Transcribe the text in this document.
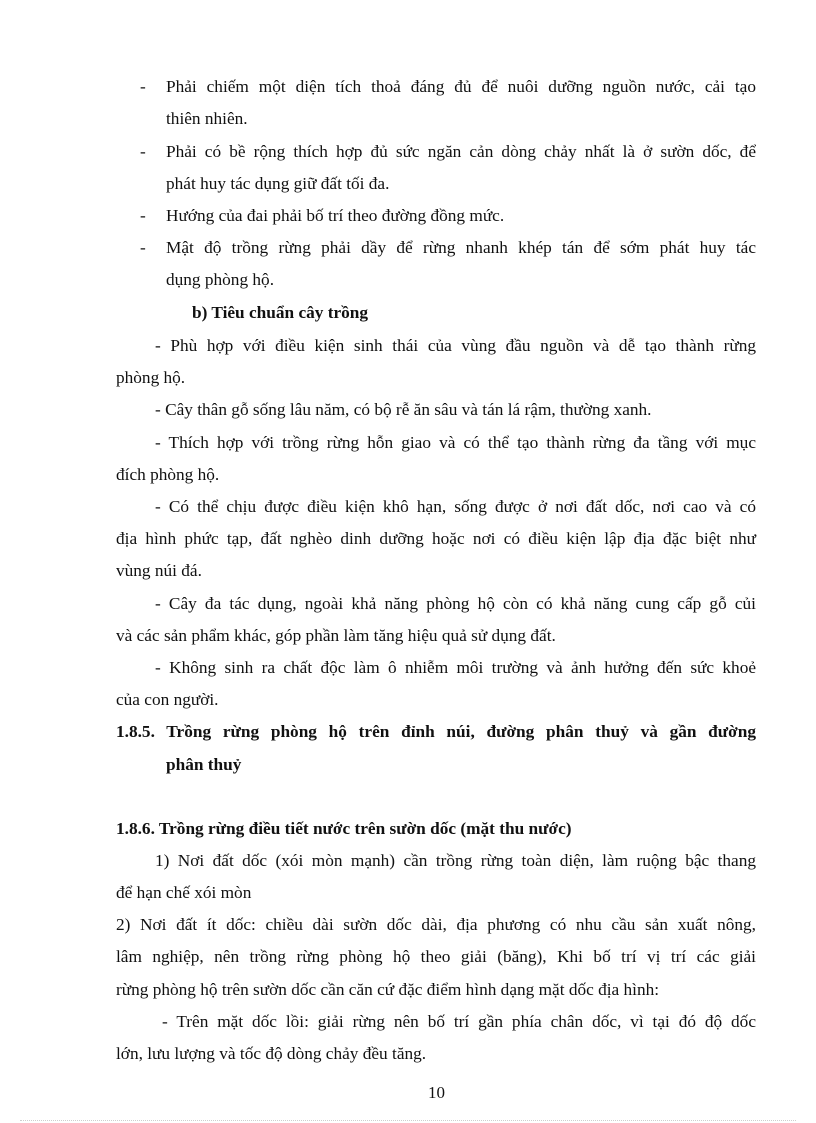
- Phải chiếm một diện tích thoả đáng đủ để nuôi dưỡng nguồn nước, cải tạo
thiên nhiên.
- Phải có bề rộng thích hợp đủ sức ngăn cản dòng chảy nhất là ở sườn dốc, để
phát huy tác dụng giữ đất tối đa.
- Hướng của đai phải bố trí theo đường đồng mức.
- Mật độ trồng rừng phải dầy để rừng nhanh khép tán để sớm phát huy tác
dụng phòng hộ.
b) Tiêu chuẩn cây trồng
- Phù hợp với điều kiện sinh thái của vùng đầu nguồn và dễ tạo thành rừng
phòng hộ.
- Cây thân gỗ sống lâu năm, có bộ rễ ăn sâu và tán lá rậm, thường xanh.
- Thích hợp với trồng rừng hỗn giao và có thể tạo thành rừng đa tầng với mục
đích phòng hộ.
- Có thể chịu được điều kiện khô hạn, sống được ở nơi đất dốc, nơi cao và có
địa hình phức tạp, đất nghèo dinh dưỡng hoặc nơi có điều kiện lập địa đặc biệt như
vùng núi đá.
- Cây đa tác dụng, ngoài khả năng phòng hộ còn có khả năng cung cấp gỗ củi
và các sản phẩm khác, góp phần làm tăng hiệu quả sử dụng đất.
- Không sinh ra chất độc làm ô nhiễm môi trường và ảnh hưởng đến sức khoẻ
của con người.
1.8.5. Trồng rừng phòng hộ trên đỉnh núi, đường phân thuỷ và gần đường
phân thuỷ
1.8.6. Trồng rừng điều tiết nước trên sườn dốc (mặt thu nước)
1) Nơi đất dốc (xói mòn mạnh) cần trồng rừng toàn diện, làm ruộng bậc thang
để hạn chế xói mòn
2) Nơi đất ít dốc: chiều dài sườn dốc dài, địa phương có nhu cầu sản xuất nông,
lâm nghiệp, nên trồng rừng phòng hộ theo giải (băng), Khi bố trí vị trí các giải
rừng phòng hộ trên sườn dốc cần căn cứ đặc điểm hình dạng mặt dốc địa hình:
- Trên mặt dốc lồi: giải rừng nên bố trí gần phía chân dốc, vì tại đó độ dốc
lớn, lưu lượng và tốc độ dòng chảy đều tăng.
10
